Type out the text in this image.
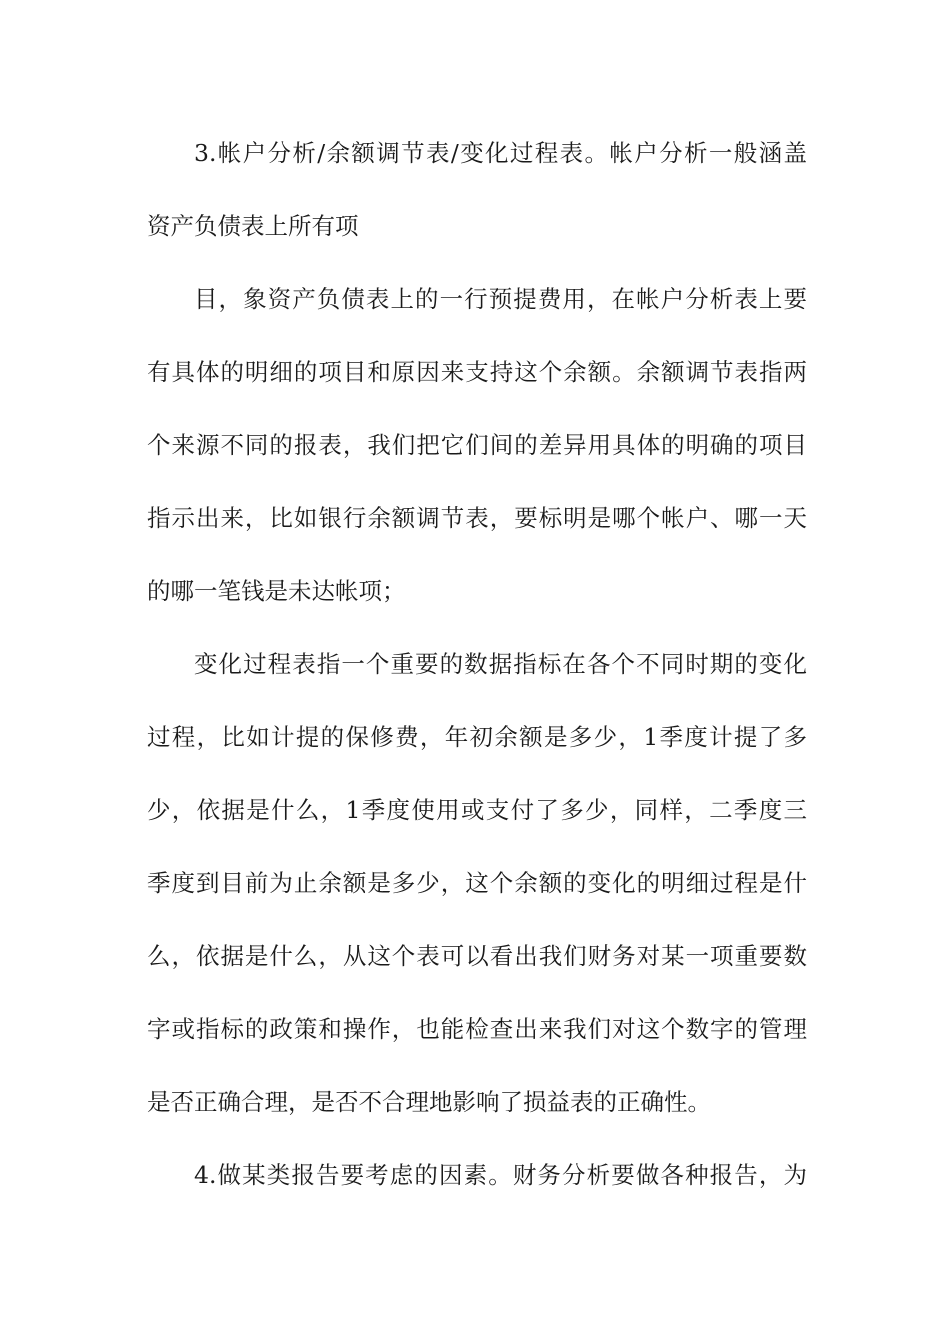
3.帐户分析/余额调节表/变化过程表。帐户分析一般涵盖
资产负债表上所有项
目，象资产负债表上的一行预提费用，在帐户分析表上要
有具体的明细的项目和原因来支持这个余额。余额调节表指两
个来源不同的报表，我们把它们间的差异用具体的明确的项目
指示出来，比如银行余额调节表，要标明是哪个帐户、哪一天
的哪一笔钱是未达帐项；
变化过程表指一个重要的数据指标在各个不同时期的变化
过程，比如计提的保修费，年初余额是多少，1季度计提了多
少，依据是什么，1季度使用或支付了多少，同样，二季度三
季度到目前为止余额是多少，这个余额的变化的明细过程是什
么，依据是什么，从这个表可以看出我们财务对某一项重要数
字或指标的政策和操作，也能检查出来我们对这个数字的管理
是否正确合理，是否不合理地影响了损益表的正确性。
4.做某类报告要考虑的因素。财务分析要做各种报告，为
